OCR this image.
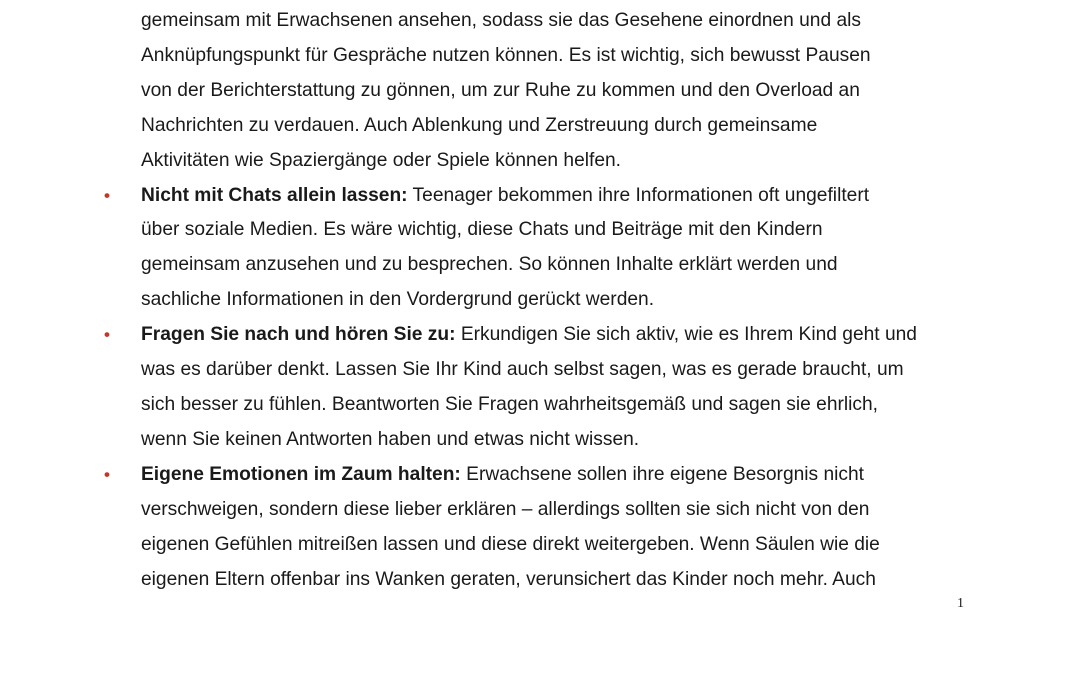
gemeinsam mit Erwachsenen ansehen, sodass sie das Gesehene einordnen und als
Anknüpfungspunkt für Gespräche nutzen können. Es ist wichtig, sich bewusst Pausen
von der Berichterstattung zu gönnen, um zur Ruhe zu kommen und den Overload an
Nachrichten zu verdauen. Auch Ablenkung und Zerstreuung durch gemeinsame
Aktivitäten wie Spaziergänge oder Spiele können helfen.
• Nicht mit Chats allein lassen: Teenager bekommen ihre Informationen oft ungefiltert
über soziale Medien. Es wäre wichtig, diese Chats und Beiträge mit den Kindern
gemeinsam anzusehen und zu besprechen. So können Inhalte erklärt werden und
sachliche Informationen in den Vordergrund gerückt werden.
• Fragen Sie nach und hören Sie zu: Erkundigen Sie sich aktiv, wie es Ihrem Kind geht und
was es darüber denkt. Lassen Sie Ihr Kind auch selbst sagen, was es gerade braucht, um
sich besser zu fühlen. Beantworten Sie Fragen wahrheitsgemäß und sagen sie ehrlich,
wenn Sie keinen Antworten haben und etwas nicht wissen.
• Eigene Emotionen im Zaum halten: Erwachsene sollen ihre eigene Besorgnis nicht
verschweigen, sondern diese lieber erklären – allerdings sollten sie sich nicht von den
eigenen Gefühlen mitreißen lassen und diese direkt weitergeben. Wenn Säulen wie die
eigenen Eltern offenbar ins Wanken geraten, verunsichert das Kinder noch mehr. Auch
1
